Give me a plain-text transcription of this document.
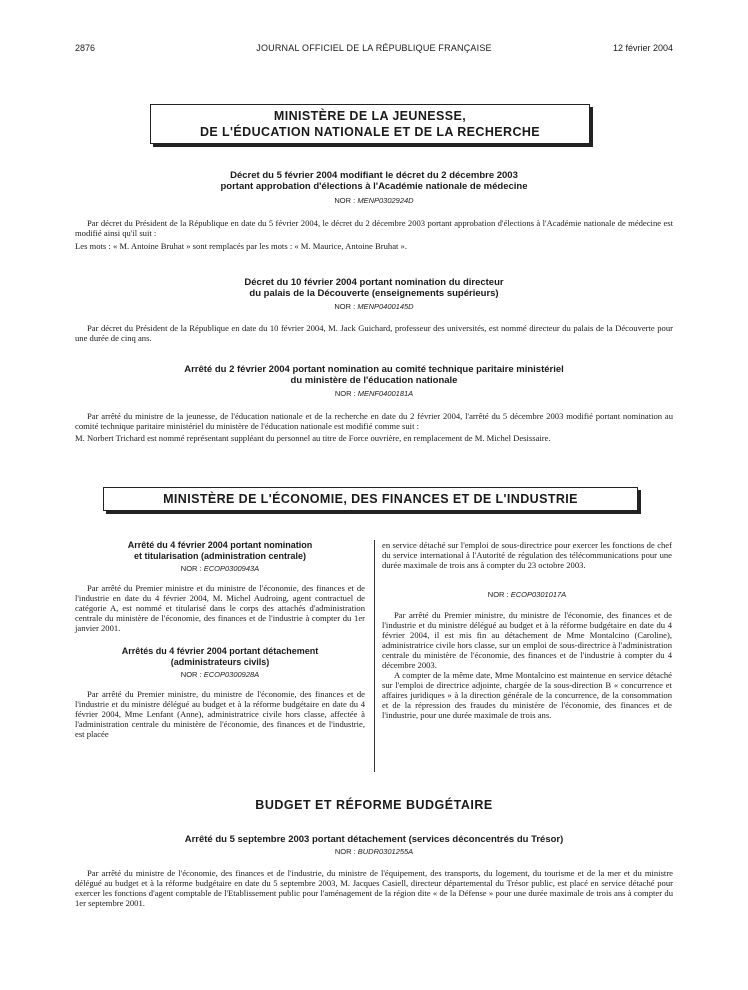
2876	JOURNAL OFFICIEL DE LA RÉPUBLIQUE FRANÇAISE	12 février 2004
MINISTÈRE DE LA JEUNESSE,
DE L'ÉDUCATION NATIONALE ET DE LA RECHERCHE
Décret du 5 février 2004 modifiant le décret du 2 décembre 2003
portant approbation d'élections à l'Académie nationale de médecine
NOR : MENP0302924D

Par décret du Président de la République en date du 5 février 2004, le décret du 2 décembre 2003 portant approbation d'élections à l'Académie nationale de médecine est modifié ainsi qu'il suit :

Les mots : « M. Antoine Bruhat » sont remplacés par les mots : « M. Maurice, Antoine Bruhat ».

Décret du 10 février 2004 portant nomination du directeur
du palais de la Découverte (enseignements supérieurs)
NOR : MENP0400145D

Par décret du Président de la République en date du 10 février 2004, M. Jack Guichard, professeur des universités, est nommé directeur du palais de la Découverte pour une durée de cinq ans.

Arrêté du 2 février 2004 portant nomination au comité technique paritaire ministériel
du ministère de l'éducation nationale
NOR : MENF0400181A

Par arrêté du ministre de la jeunesse, de l'éducation nationale et de la recherche en date du 2 février 2004, l'arrêté du 5 décembre 2003 modifié portant nomination au comité technique paritaire ministériel du ministère de l'éducation nationale est modifié comme suit :

M. Norbert Trichard est nommé représentant suppléant du personnel au titre de Force ouvrière, en remplacement de M. Michel Desissaire.

MINISTÈRE DE L'ÉCONOMIE, DES FINANCES ET DE L'INDUSTRIE
Arrêté du 4 février 2004 portant nomination
et titularisation (administration centrale)
NOR : ECOP0300943A

Par arrêté du Premier ministre et du ministre de l'économie, des finances et de l'industrie en date du 4 février 2004, M. Michel Audroing, agent contractuel de catégorie A, est nommé et titularisé dans le corps des attachés d'administration centrale du ministère de l'économie, des finances et de l'industrie à compter du 1er janvier 2001.

Arrêtés du 4 février 2004 portant détachement
(administrateurs civils)
NOR : ECOP0300928A

Par arrêté du Premier ministre, du ministre de l'économie, des finances et de l'industrie et du ministre délégué au budget et à la réforme budgétaire en date du 4 février 2004, Mme Lenfant (Anne), administratrice civile hors classe, affectée à l'administration centrale du ministère de l'économie, des finances et de l'industrie, est placée

en service détaché sur l'emploi de sous-directrice pour exercer les fonctions de chef du service international à l'Autorité de régulation des télécommunications pour une durée maximale de trois ans à compter du 23 octobre 2003.

NOR : ECOP0301017A

Par arrêté du Premier ministre, du ministre de l'économie, des finances et de l'industrie et du ministre délégué au budget et à la réforme budgétaire en date du 4 février 2004, il est mis fin au détachement de Mme Montalcino (Caroline), administratrice civile hors classe, sur un emploi de sous-directrice à l'administration centrale du ministère de l'économie, des finances et de l'industrie à compter du 4 décembre 2003.

A compter de la même date, Mme Montalcino est maintenue en service détaché sur l'emploi de directrice adjointe, chargée de la sous-direction B « concurrence et affaires juridiques » à la direction générale de la concurrence, de la consommation et de la répression des fraudes du ministère de l'économie, des finances et de l'industrie, pour une durée maximale de trois ans.

BUDGET ET RÉFORME BUDGÉTAIRE
Arrêté du 5 septembre 2003 portant détachement (services déconcentrés du Trésor)
NOR : BUDR0301255A

Par arrêté du ministre de l'économie, des finances et de l'industrie, du ministre de l'équipement, des transports, du logement, du tourisme et de la mer et du ministre délégué au budget et à la réforme budgétaire en date du 5 septembre 2003, M. Jacques Casiell, directeur départemental du Trésor public, est placé en service détaché pour exercer les fonctions d'agent comptable de l'Etablissement public pour l'aménagement de la région dite « de la Défense » pour une durée maximale de trois ans à compter du 1er septembre 2001.
